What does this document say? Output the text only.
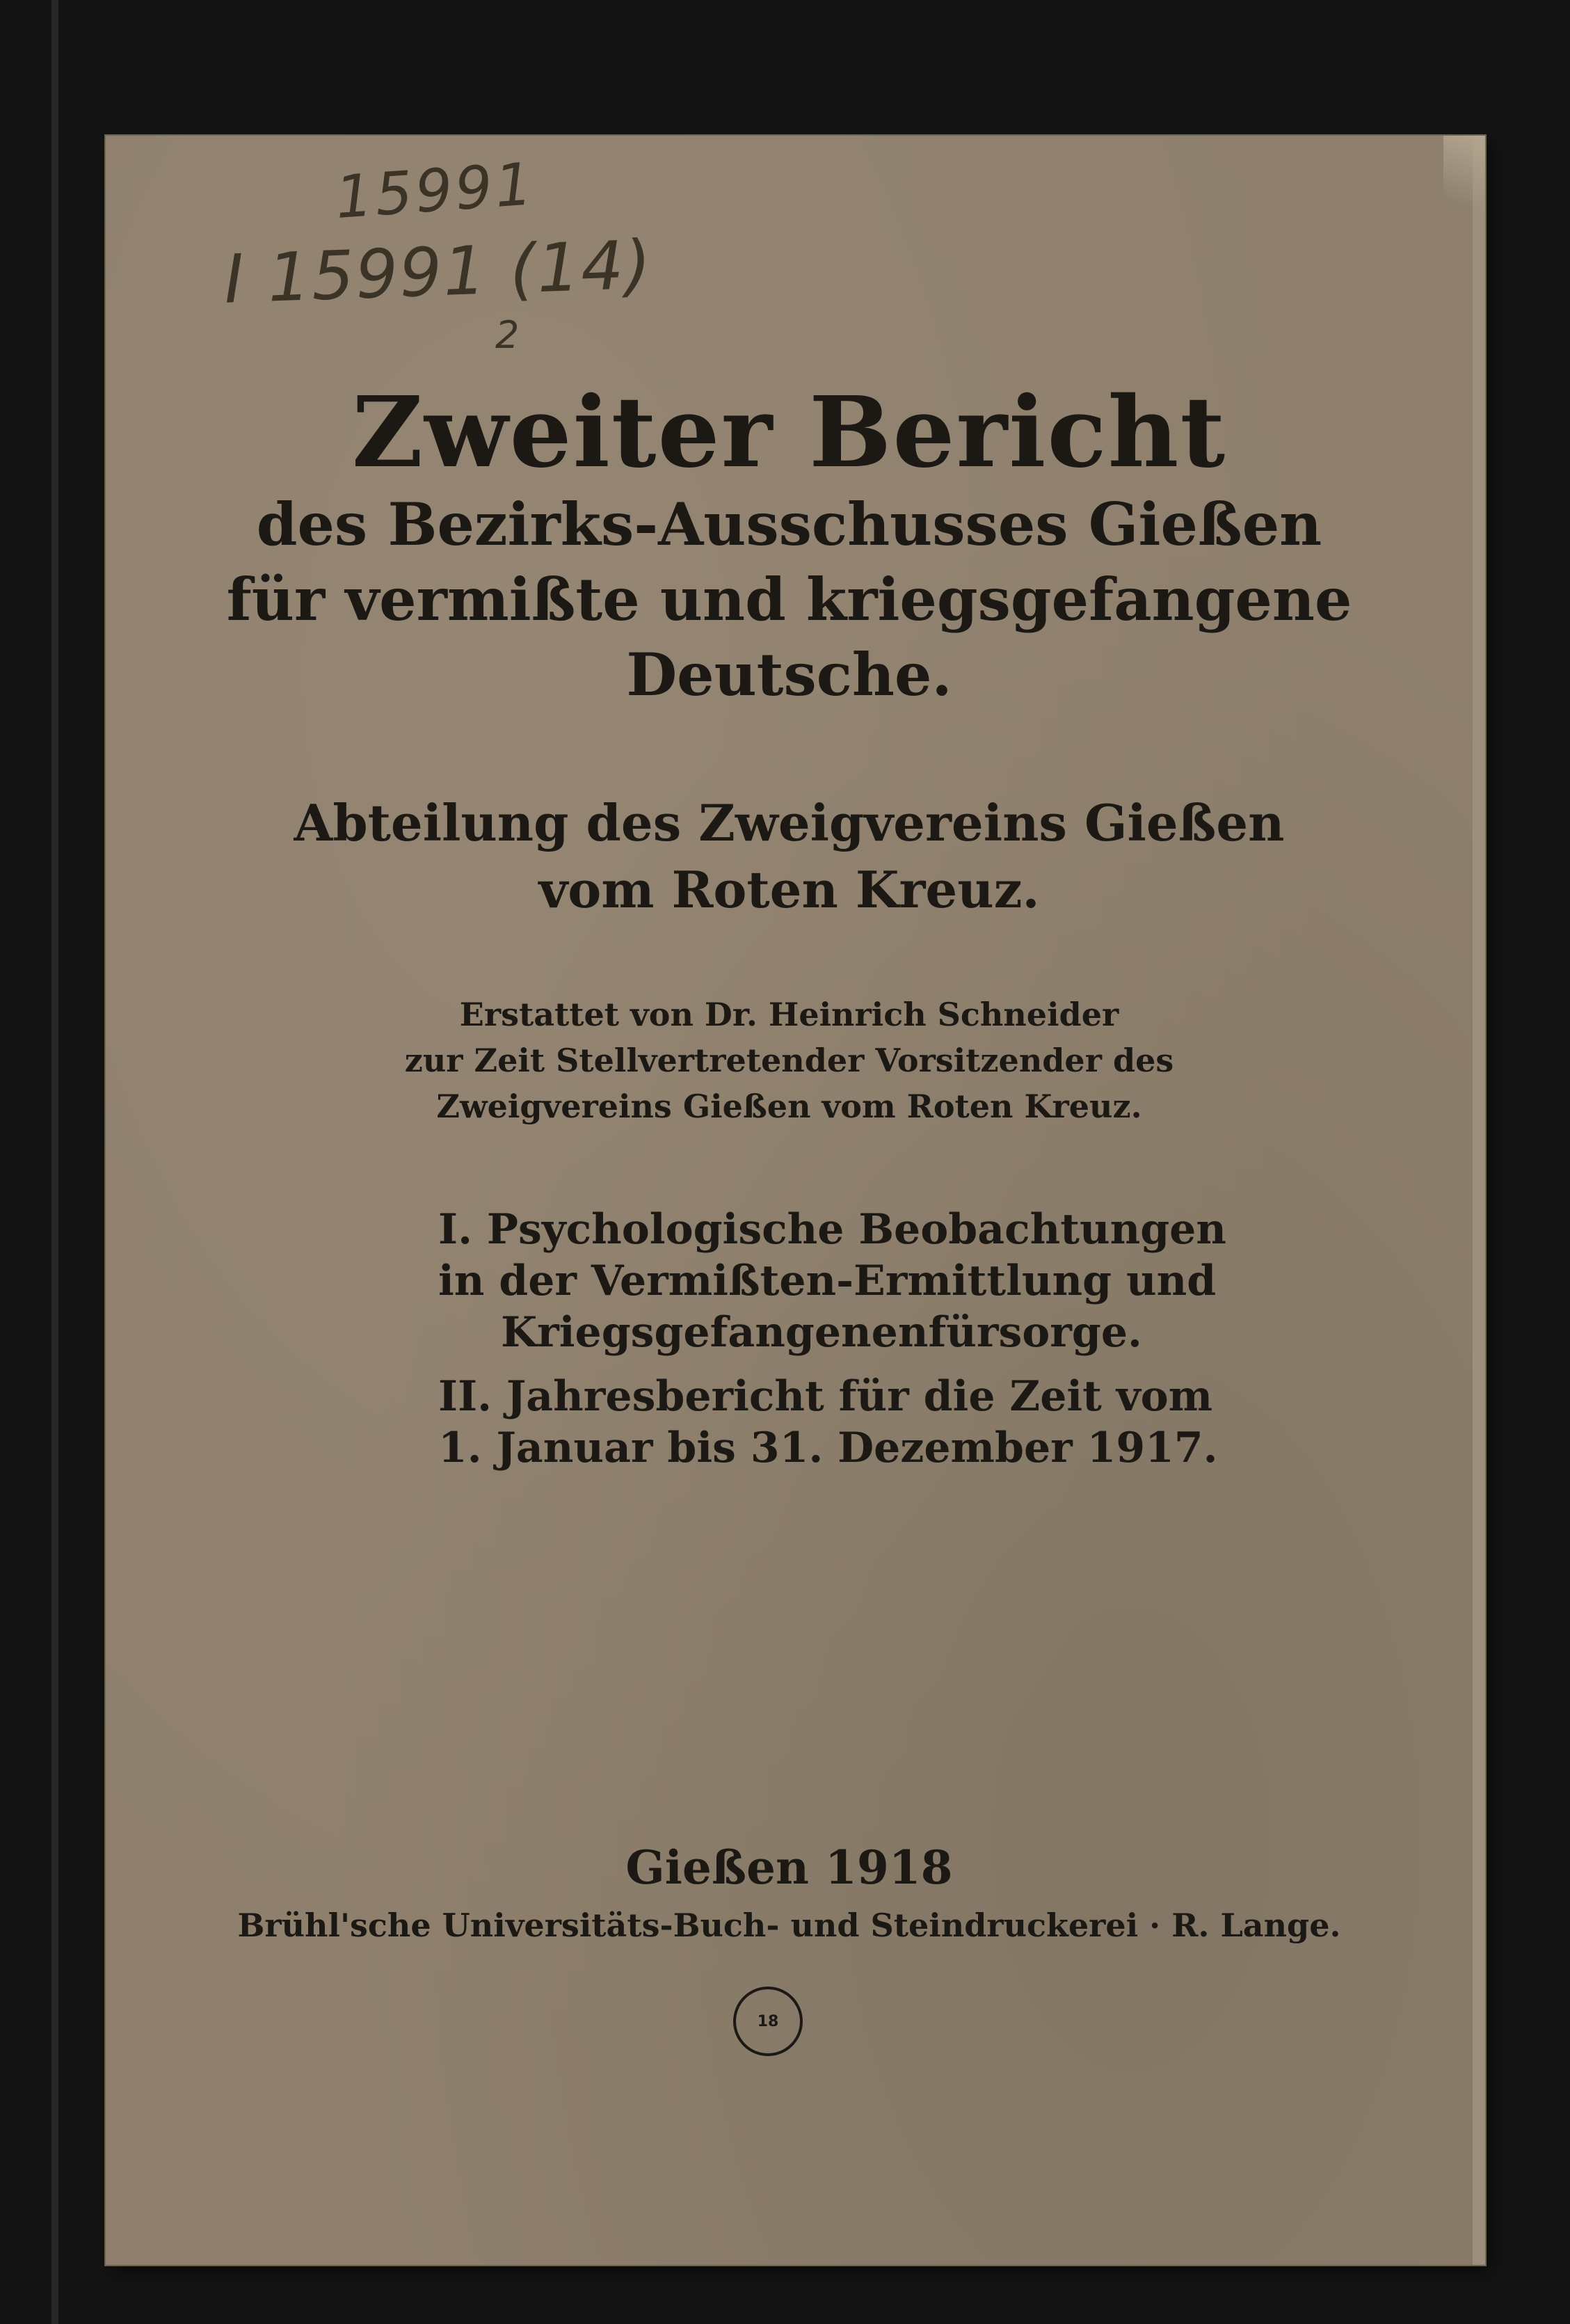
15991
I 15991 (14)
2
Zweiter Bericht

des Bezirks-Ausschusses Gießen

für vermißte und kriegsgefangene

Deutsche.

Abteilung des Zweigvereins Gießen

vom Roten Kreuz.

Erstattet von Dr. Heinrich Schneider

zur Zeit Stellvertretender Vorsitzender des

Zweigvereins Gießen vom Roten Kreuz.

I. Psychologische Beobachtungen

in der Vermißten-Ermittlung und

Kriegsgefangenenfürsorge.

II. Jahresbericht für die Zeit vom

1. Januar bis 31. Dezember 1917.

Gießen 1918

Brühl'sche Universitäts-Buch- und Steindruckerei · R. Lange.

18
